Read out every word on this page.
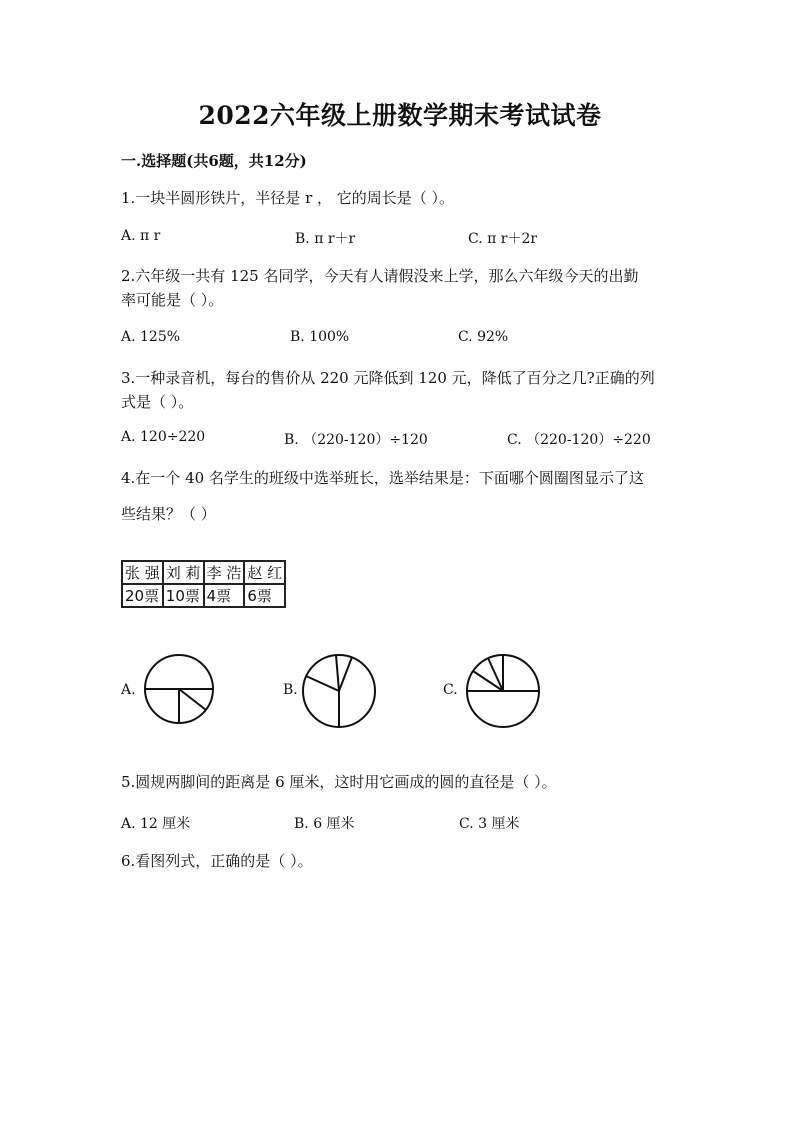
2022六年级上册数学期末考试试卷
一.选择题(共6题，共12分)
1.一块半圆形铁片，半径是 r ， 它的周长是（ ）。
A. π r	B. π r＋r	C. π r＋2r
2.六年级一共有 125 名同学，今天有人请假没来上学，那么六年级今天的出勤
率可能是（ ）。
A. 125%	B. 100%	C. 92%
3.一种录音机，每台的售价从 220 元降低到 120 元，降低了百分之几?正确的列
式是（ ）。
A. 120÷220	B. （220-120）÷120	C. （220-120）÷220
4.在一个 40 名学生的班级中选举班长，选举结果是：下面哪个圆圈图显示了这
些结果？（ ）
张 强	刘 莉	李 浩	赵 红
20票	10票	4票	6票
A.	B.	C.
5.圆规两脚间的距离是 6 厘米，这时用它画成的圆的直径是（ ）。
A. 12 厘米	B. 6 厘米	C. 3 厘米
6.看图列式，正确的是（ ）。
